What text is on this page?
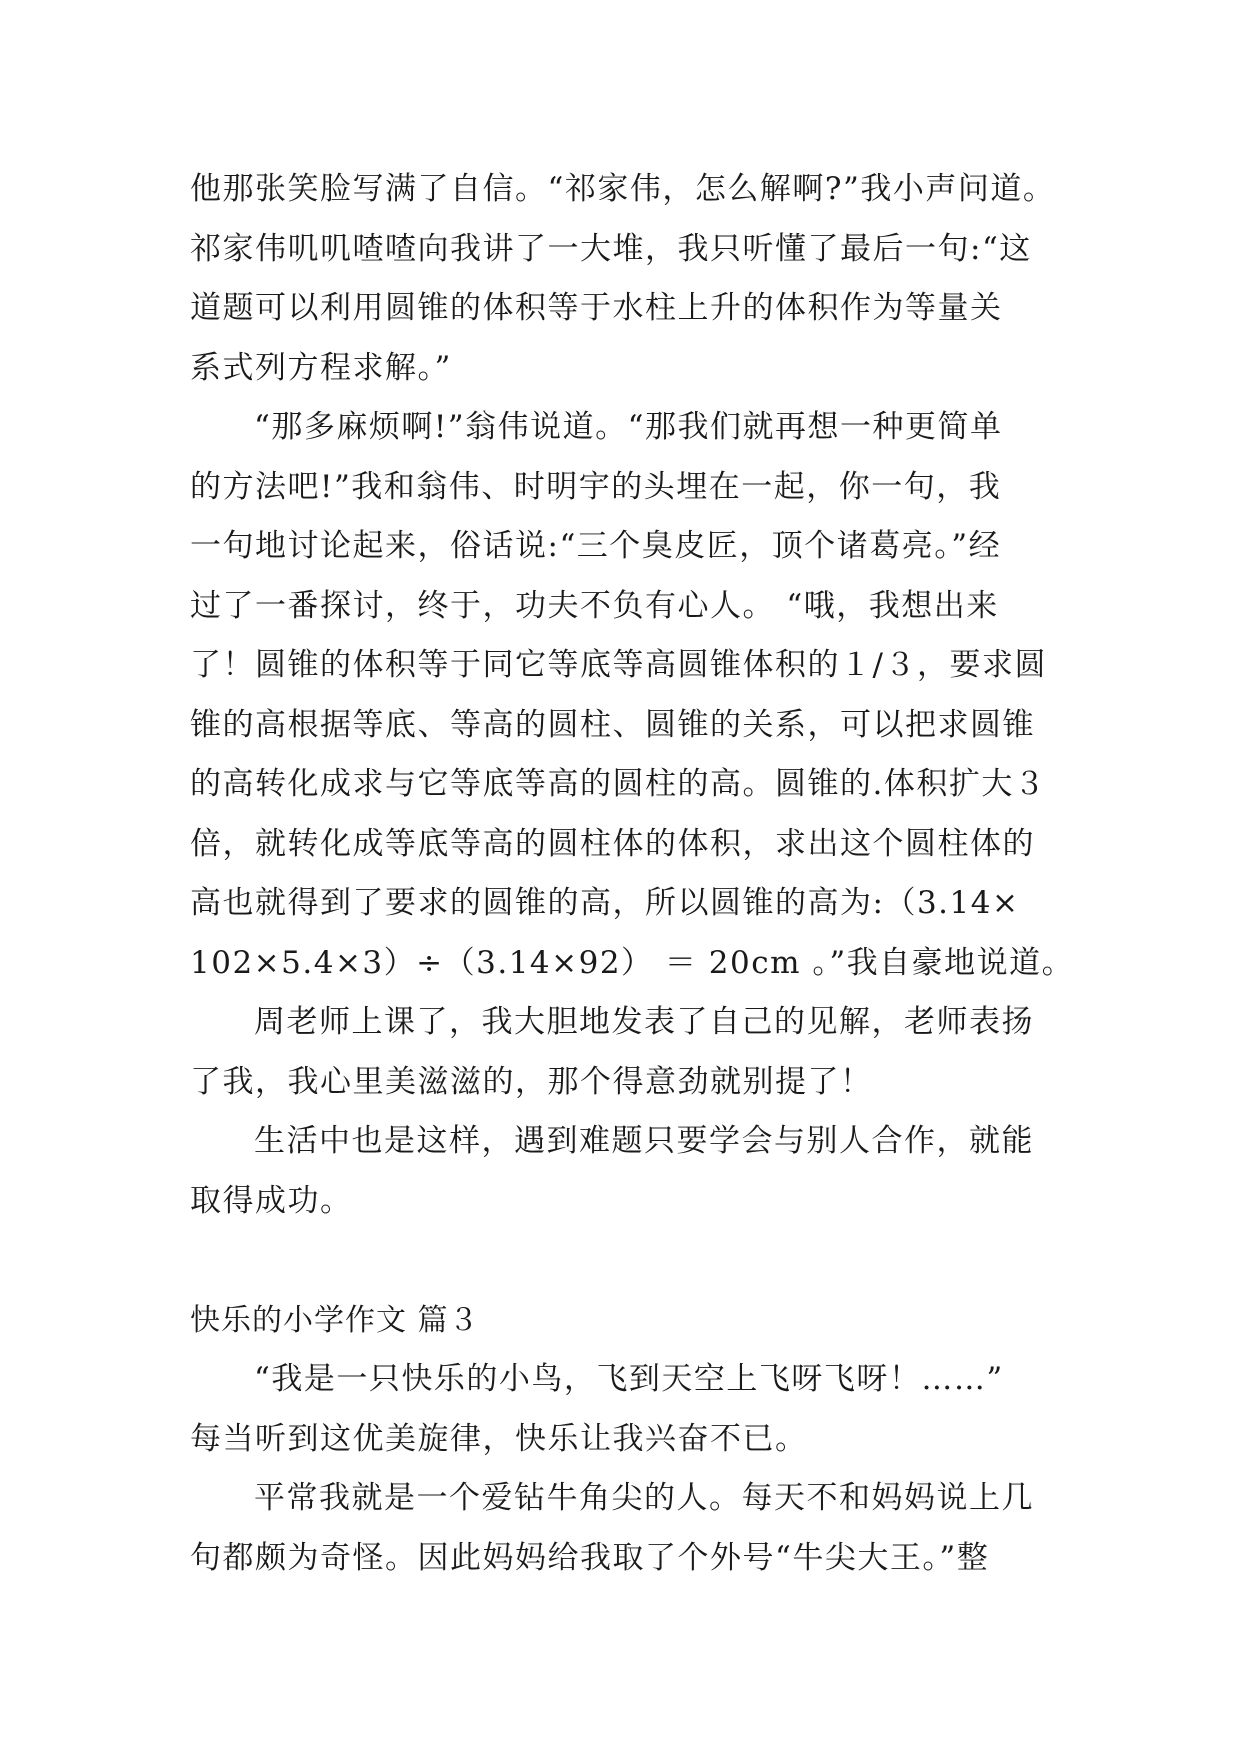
他那张笑脸写满了自信。“祁家伟，怎么解啊?”我小声问道。
祁家伟叽叽喳喳向我讲了一大堆，我只听懂了最后一句:“这
道题可以利用圆锥的体积等于水柱上升的体积作为等量关
系式列方程求解。”
“那多麻烦啊!”翁伟说道。“那我们就再想一种更简单
的方法吧!”我和翁伟、时明宇的头埋在一起，你一句，我
一句地讨论起来，俗话说:“三个臭皮匠，顶个诸葛亮。”经
过了一番探讨，终于，功夫不负有心人。 “哦，我想出来
了！圆锥的体积等于同它等底等高圆锥体积的１/３，要求圆
锥的高根据等底、等高的圆柱、圆锥的关系，可以把求圆锥
的高转化成求与它等底等高的圆柱的高。圆锥的.体积扩大３
倍，就转化成等底等高的圆柱体的体积，求出这个圆柱体的
高也就得到了要求的圆锥的高，所以圆锥的高为:（3.14×
102×5.4×3）÷（3.14×92） ＝ 20cm 。”我自豪地说道。
周老师上课了，我大胆地发表了自己的见解，老师表扬
了我，我心里美滋滋的，那个得意劲就别提了！
生活中也是这样，遇到难题只要学会与别人合作，就能
取得成功。
快乐的小学作文 篇３
“我是一只快乐的小鸟，飞到天空上飞呀飞呀！……”
每当听到这优美旋律，快乐让我兴奋不已。
平常我就是一个爱钻牛角尖的人。每天不和妈妈说上几
句都颇为奇怪。因此妈妈给我取了个外号“牛尖大王。”整
